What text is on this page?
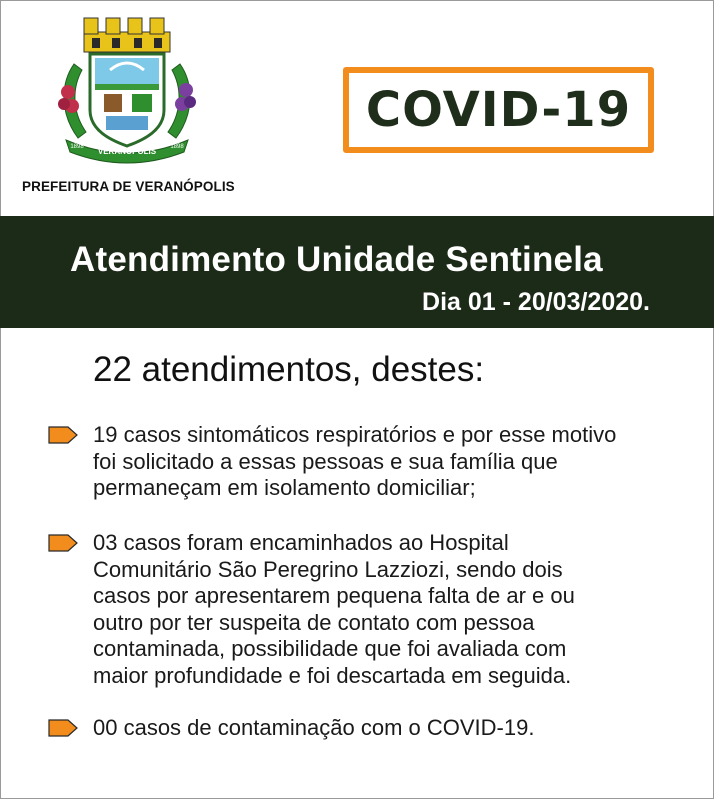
VERANÓPOLIS
1898	1898
PREFEITURA DE VERANÓPOLIS
COVID-19
Atendimento Unidade Sentinela
Dia 01 - 20/03/2020.
22 atendimentos, destes:
19 casos sintomáticos respiratórios e por esse motivo
foi solicitado a essas pessoas e sua família que
permaneçam em isolamento domiciliar;
03 casos foram encaminhados ao Hospital
Comunitário São Peregrino Lazziozi, sendo dois
casos por apresentarem pequena falta de ar e ou
outro por ter suspeita de contato com pessoa
contaminada, possibilidade que foi avaliada com
maior profundidade e foi descartada em seguida.
00 casos de contaminação com o COVID-19.
